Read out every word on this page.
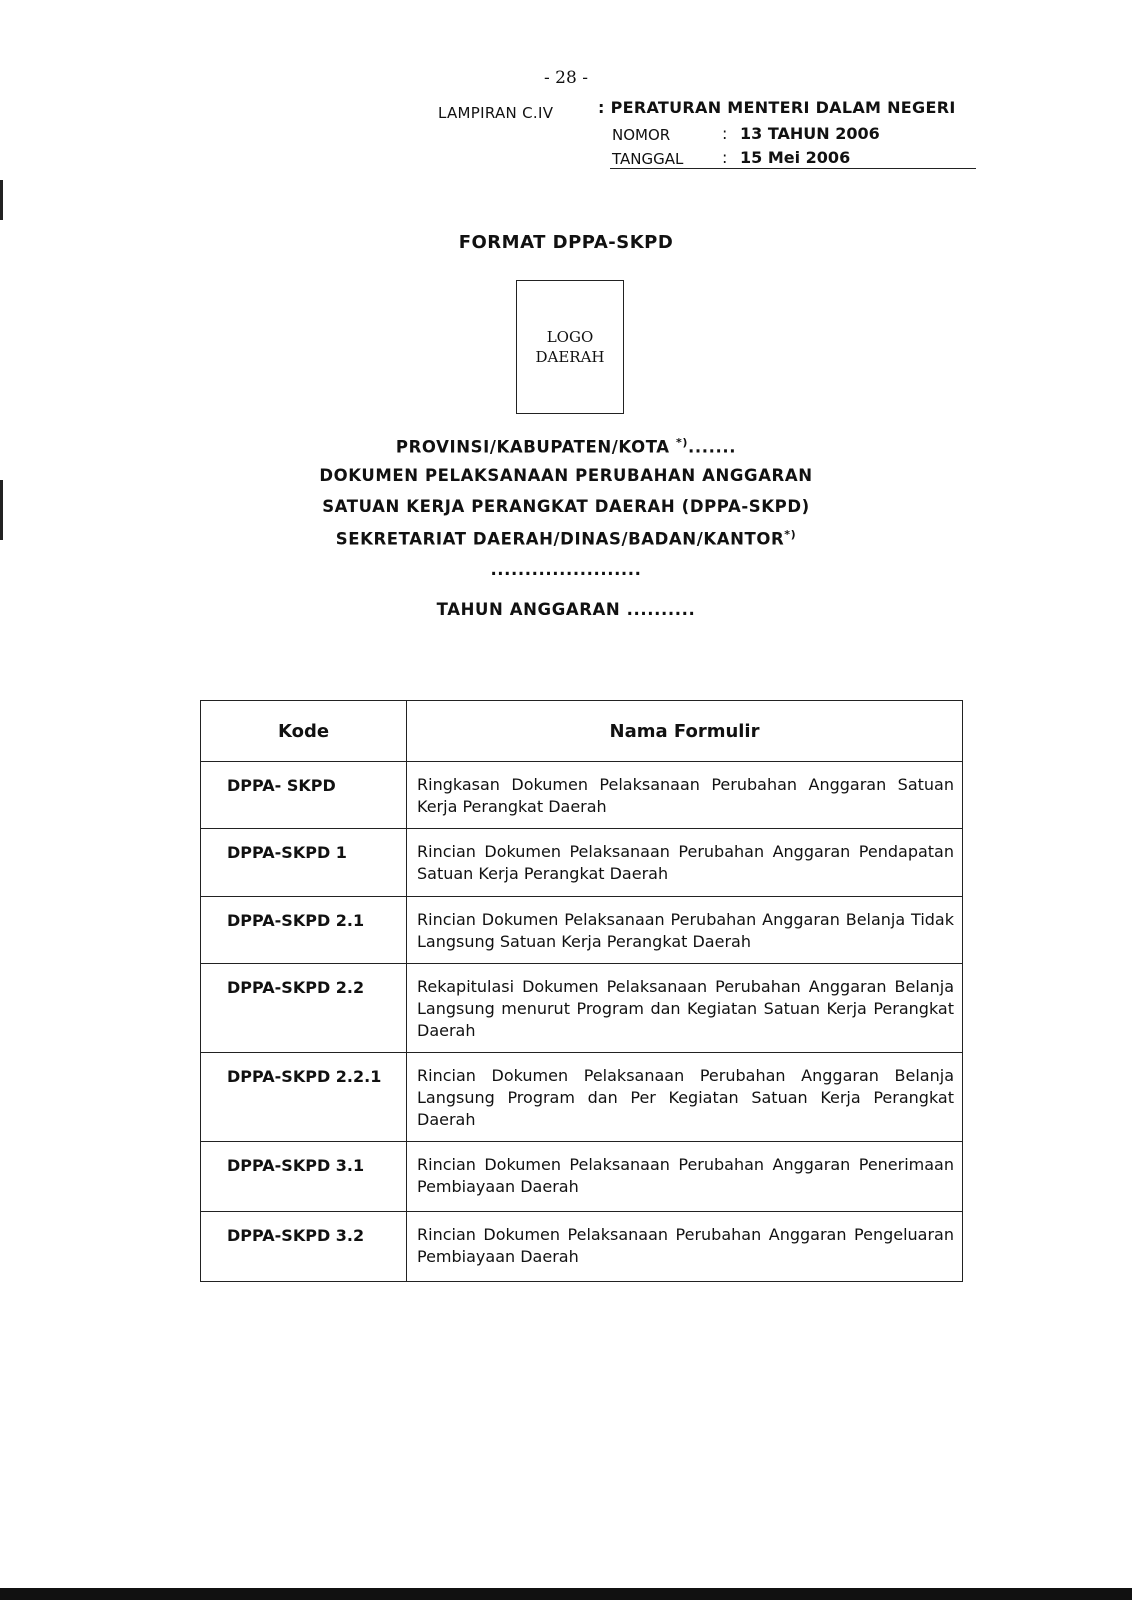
- 28 -
LAMPIRAN C.IV	: PERATURAN MENTERI DALAM NEGERI
NOMOR	: 13 TAHUN 2006
TANGGAL : 15 Mei 2006
FORMAT DPPA-SKPD
LOGO
DAERAH
PROVINSI/KABUPATEN/KOTA *).......
DOKUMEN PELAKSANAAN PERUBAHAN ANGGARAN
SATUAN KERJA PERANGKAT DAERAH (DPPA-SKPD)
SEKRETARIAT DAERAH/DINAS/BADAN/KANTOR*)
......................
TAHUN ANGGARAN ..........
Kode	Nama Formulir
DPPA- SKPD	Ringkasan Dokumen Pelaksanaan Perubahan Anggaran Satuan Kerja Perangkat Daerah
DPPA-SKPD 1	Rincian Dokumen Pelaksanaan Perubahan Anggaran Pendapatan Satuan Kerja Perangkat Daerah
DPPA-SKPD 2.1	Rincian Dokumen Pelaksanaan Perubahan Anggaran Belanja Tidak Langsung Satuan Kerja Perangkat Daerah
DPPA-SKPD 2.2	Rekapitulasi Dokumen Pelaksanaan Perubahan Anggaran Belanja Langsung menurut Program dan Kegiatan Satuan Kerja Perangkat Daerah
DPPA-SKPD 2.2.1	Rincian Dokumen Pelaksanaan Perubahan Anggaran Belanja Langsung Program dan Per Kegiatan Satuan Kerja Perangkat Daerah
DPPA-SKPD 3.1	Rincian Dokumen Pelaksanaan Perubahan Anggaran Penerimaan Pembiayaan Daerah
DPPA-SKPD 3.2	Rincian Dokumen Pelaksanaan Perubahan Anggaran Pengeluaran Pembiayaan Daerah
